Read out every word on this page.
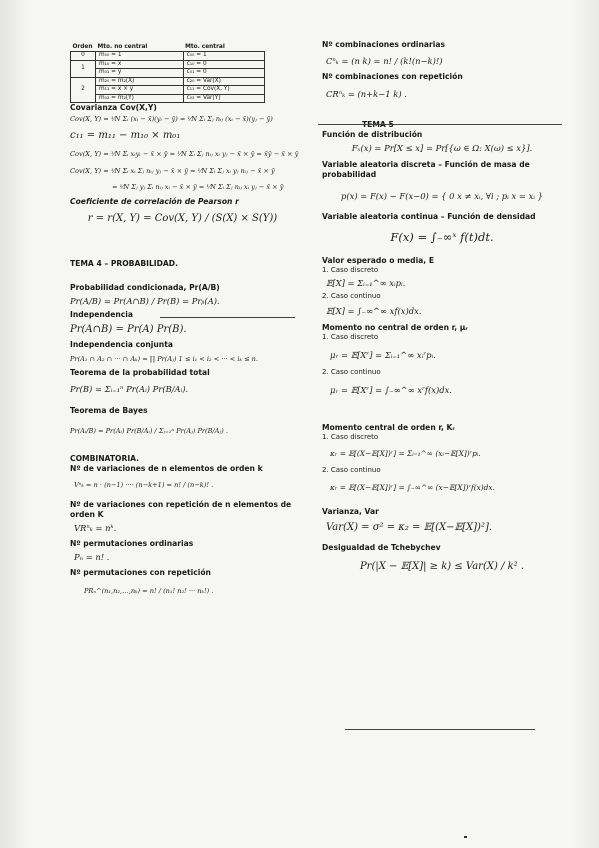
Orden	Mto. no central	Mto. central
0	m₀₀ = 1	c₀₀ = 1
1	m₁₀ = x̄	c₁₀ = 0
	m₀₁ = ȳ	c₀₁ = 0
2	m₂₀ = m₂(X)	c₂₀ = Var(X)
	m₁₁ = x × y	c₁₁ = Cov(X, Y)
	m₀₂ = m₂(Y)	c₀₂ = Var(Y)

Covarianza Cov(X,Y)

Cov(X, Y) = ¹⁄N Σᵢ (xᵢ − x̄)(yᵢ − ȳ) = ¹⁄N Σᵢ Σⱼ nᵢⱼ (xᵢ − x̄)(yⱼ − ȳ)

c₁₁ = m₁₁ − m₁₀ × m₀₁

Cov(X, Y) = ¹⁄N Σᵢ xᵢyᵢ − x̄ × ȳ = ¹⁄N Σᵢ Σⱼ nᵢⱼ xᵢ yⱼ − x̄ × ȳ = x̄ȳ − x̄ × ȳ

Cov(X, Y) = ¹⁄N Σᵢ xᵢ Σⱼ nᵢⱼ yⱼ − x̄ × ȳ = ¹⁄N Σᵢ Σⱼ xᵢ yⱼ nᵢⱼ − x̄ × ȳ

= ¹⁄N Σⱼ yⱼ Σᵢ nᵢⱼ xᵢ − x̄ × ȳ = ¹⁄N Σᵢ Σⱼ nᵢⱼ xᵢ yⱼ − x̄ × ȳ

Coeficiente de correlación de Pearson r

r = r(X, Y) = Cov(X, Y) / (S(X) × S(Y))

TEMA 4 – PROBABILIDAD.

Probabilidad condicionada, Pr(A/B)

Pr(A/B) = Pr(A∩B) / Pr(B) = Prᵦ(A).

Independencia

Pr(A∩B) = Pr(A) Pr(B).

Independencia conjunta

Pr(A₁ ∩ A₂ ∩ ··· ∩ Aₖ) = ∏ Pr(Aⱼ) 1 ≤ i₁ < i₂ < ··· < iₖ ≤ n.

Teorema de la probabilidad total

Pr(B) = Σᵢ₌₁ⁿ Pr(Aᵢ) Pr(B/Aᵢ).

Teorema de Bayes

Pr(Aᵢ/B) = Pr(Aᵢ) Pr(B/Aᵢ) / Σⱼ₌₁ⁿ Pr(Aⱼ) Pr(B/Aⱼ) .

COMBINATORIA.

Nº de variaciones de n elementos de orden k

Vⁿₖ = n · (n−1) ···· (n−k+1) = n! / (n−k)! .

Nº de variaciones con repetición de n elementos de orden K

VRⁿₖ = nᵏ.

Nº permutaciones ordinarias

Pₙ = n! .

Nº permutaciones con repetición

PRₙ^(n₁,n₂,…,nₖ) = n! / (n₁! n₂! ··· nₖ!) .

Nº combinaciones ordinarias

Cⁿₖ = (n k) = n! / (k!(n−k)!)

Nº combinaciones con repetición

CRⁿₖ = (n+k−1 k) .

Función de distribución

Fₓ(x) = Pr[X ≤ x] = Pr[{ω ∈ Ω: X(ω) ≤ x}].

Variable aleatoria discreta – Función de masa de probabilidad

p(x) = F(x) − F(x−0) = { 0 x ≠ xᵢ, ∀i ; pᵢ x = xᵢ }

Variable aleatoria continua – Función de densidad

F(x) = ∫₋∞ˣ f(t)dt.

Valor esperado o media, E

1. Caso discreto

𝔼[X] = Σᵢ₌₁^∞ xᵢpᵢ.

2. Caso continuo

𝔼[X] = ∫₋∞^∞ xf(x)dx.

Momento no central de orden r, μᵣ

1. Caso discreto

μᵣ = 𝔼[Xʳ] = Σᵢ₌₁^∞ xᵢʳpᵢ.

2. Caso continuo

μᵣ = 𝔼[Xʳ] = ∫₋∞^∞ xʳf(x)dx.

Momento central de orden r, Kᵣ

1. Caso discreto

κᵣ = 𝔼[(X−𝔼[X])ʳ] = Σᵢ₌₁^∞ (xᵢ−𝔼[X])ʳpᵢ.

2. Caso continuo

κᵣ = 𝔼[(X−𝔼[X])ʳ] = ∫₋∞^∞ (x−𝔼[X])ʳf(x)dx.

Varianza, Var

Var(X) = σ² = κ₂ = 𝔼[(X−𝔼[X])²].

Desigualdad de Tchebychev

Pr(|X − 𝔼[X]| ≥ k) ≤ Var(X) / k² .
